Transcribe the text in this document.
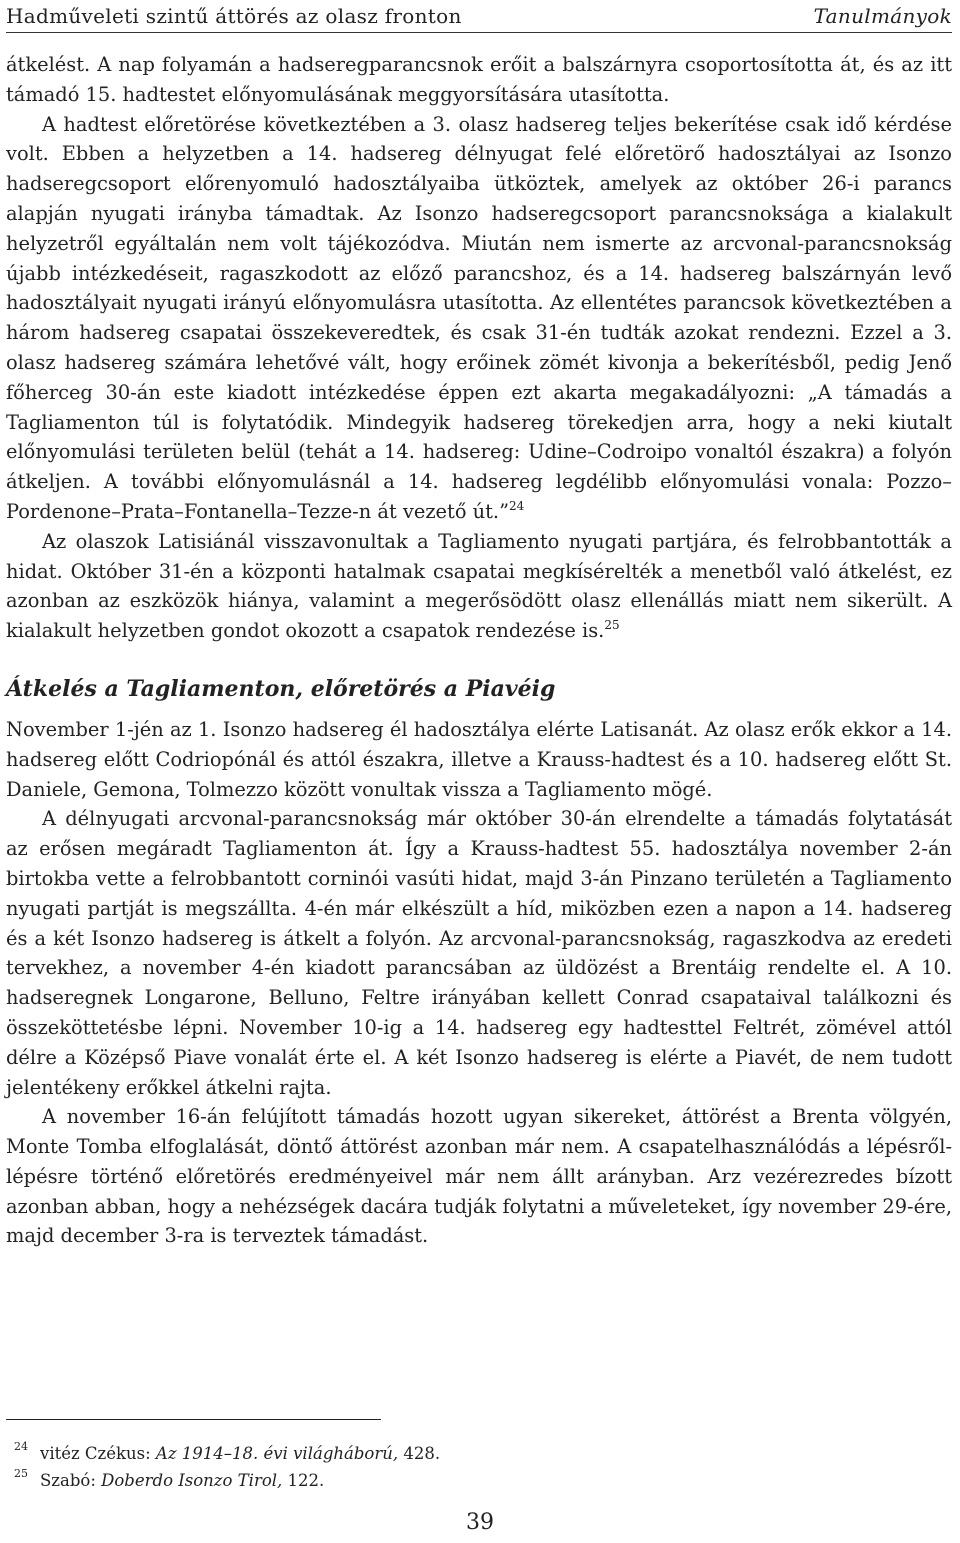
Hadműveleti szintű áttörés az olasz fronton	Tanulmányok

átkelést. A nap folyamán a hadseregparancsnok erőit a balszárnyra csoportosította át, és az itt támadó 15. hadtestet előnyomulásának meggyorsítására utasította.

A hadtest előretörése következtében a 3. olasz hadsereg teljes bekerítése csak idő kérdése volt. Ebben a helyzetben a 14. hadsereg délnyugat felé előretörő hadosztályai az Isonzo hadseregcsoport előrenyomuló hadosztályaiba ütköztek, amelyek az október 26-i parancs alapján nyugati irányba támadtak. Az Isonzo hadseregcsoport parancsnoksága a kialakult helyzetről egyáltalán nem volt tájékozódva. Miután nem ismerte az arcvonal-parancsnokság újabb intézkedéseit, ragaszkodott az előző parancshoz, és a 14. hadsereg balszárnyán levő hadosztályait nyugati irányú előnyomulásra utasította. Az ellentétes parancsok következtében a három hadsereg csapatai összekeveredtek, és csak 31-én tudták azokat rendezni. Ezzel a 3. olasz hadsereg számára lehetővé vált, hogy erőinek zömét kivonja a bekerítésből, pedig Jenő főherceg 30-án este kiadott intézkedése éppen ezt akarta megakadályozni: „A támadás a Tagliamenton túl is folytatódik. Mindegyik hadsereg törekedjen arra, hogy a neki kiutalt előnyomulási területen belül (tehát a 14. hadsereg: Udine–Codroipo vonaltól északra) a folyón átkeljen. A további előnyomulásnál a 14. hadsereg legdélibb előnyomulási vonala: Pozzo–Pordenone–Prata–Fontanella–Tezze-n át vezető út.”$^{24}$

Az olaszok Latisiánál visszavonultak a Tagliamento nyugati partjára, és felrobbantották a hidat. Október 31-én a központi hatalmak csapatai megkísérelték a menetből való átkelést, ez azonban az eszközök hiánya, valamint a megerősödött olasz ellenállás miatt nem sikerült. A kialakult helyzetben gondot okozott a csapatok rendezése is.$^{25}$

Átkelés a Tagliamenton, előretörés a Piavéig

November 1-jén az 1. Isonzo hadsereg él hadosztálya elérte Latisanát. Az olasz erők ekkor a 14. hadsereg előtt Codriopónál és attól északra, illetve a Krauss-hadtest és a 10. hadsereg előtt St. Daniele, Gemona, Tolmezzo között vonultak vissza a Tagliamento mögé.

A délnyugati arcvonal-parancsnokság már október 30-án elrendelte a támadás folytatását az erősen megáradt Tagliamenton át. Így a Krauss-hadtest 55. hadosztálya november 2-án birtokba vette a felrobbantott corninói vasúti hidat, majd 3-án Pinzano területén a Tagliamento nyugati partját is megszállta. 4-én már elkészült a híd, miközben ezen a napon a 14. hadsereg és a két Isonzo hadsereg is átkelt a folyón. Az arcvonal-parancsnokság, ragaszkodva az eredeti tervekhez, a november 4-én kiadott parancsában az üldözést a Brentáig rendelte el. A 10. hadseregnek Longarone, Belluno, Feltre irányában kellett Conrad csapataival találkozni és összeköttetésbe lépni. November 10-ig a 14. hadsereg egy hadtesttel Feltrét, zömével attól délre a Középső Piave vonalát érte el. A két Isonzo hadsereg is elérte a Piavét, de nem tudott jelentékeny erőkkel átkelni rajta.

A november 16-án felújított támadás hozott ugyan sikereket, áttörést a Brenta völgyén, Monte Tomba elfoglalását, döntő áttörést azonban már nem. A csapatelhasználódás a lépésről-lépésre történő előretörés eredményeivel már nem állt arányban. Arz vezérezredes bízott azonban abban, hogy a nehézségek dacára tudják folytatni a műveleteket, így november 29-ére, majd december 3-ra is terveztek támadást.

24 vitéz Czékus: Az 1914–18. évi világháború, 428.
25 Szabó: Doberdo Isonzo Tirol, 122.
39
